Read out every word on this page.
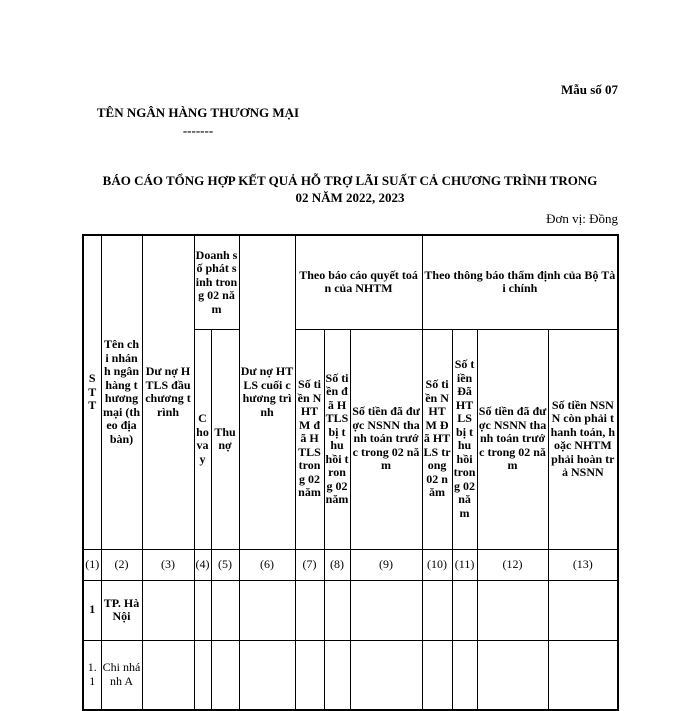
Mẫu số 07
TÊN NGÂN HÀNG THƯƠNG MẠI
-------
BÁO CÁO TỔNG HỢP KẾT QUẢ HỖ TRỢ LÃI SUẤT CẢ CHƯƠNG TRÌNH TRONG
02 NĂM 2022, 2023
Đơn vị: Đồng
STT	Tên chi nhánh ngân hàng thương mại (theo địa bàn)	Dư nợ HTLS đầu chương trình	Doanh số phát sinh trong 02 năm		Dư nợ HTLS cuối chương trình	Theo báo cáo quyết toán của NHTM			Theo thông báo thẩm định của Bộ Tài chính			
			Cho vay	Thu nợ		Số tiền NHTM đã HTLS trong 02 năm	Số tiền đã HTLS bị thu hồi trong 02 năm	Số tiền đã được NSNN thanh toán trước trong 02 năm	Số tiền NHTM Đã HTLS trong 02 năm	Số tiền Đã HTLS bị thu hồi trong 02 năm	Số tiền đã được NSNN thanh toán trước trong 02 năm	Số tiền NSNN còn phải thanh toán, hoặc NHTM phải hoàn trả NSNN
(1)	(2)	(3)	(4)	(5)	(6)	(7)	(8)	(9)	(10)	(11)	(12)	(13)
1	TP. Hà Nội											
1.1	Chi nhánh A											
